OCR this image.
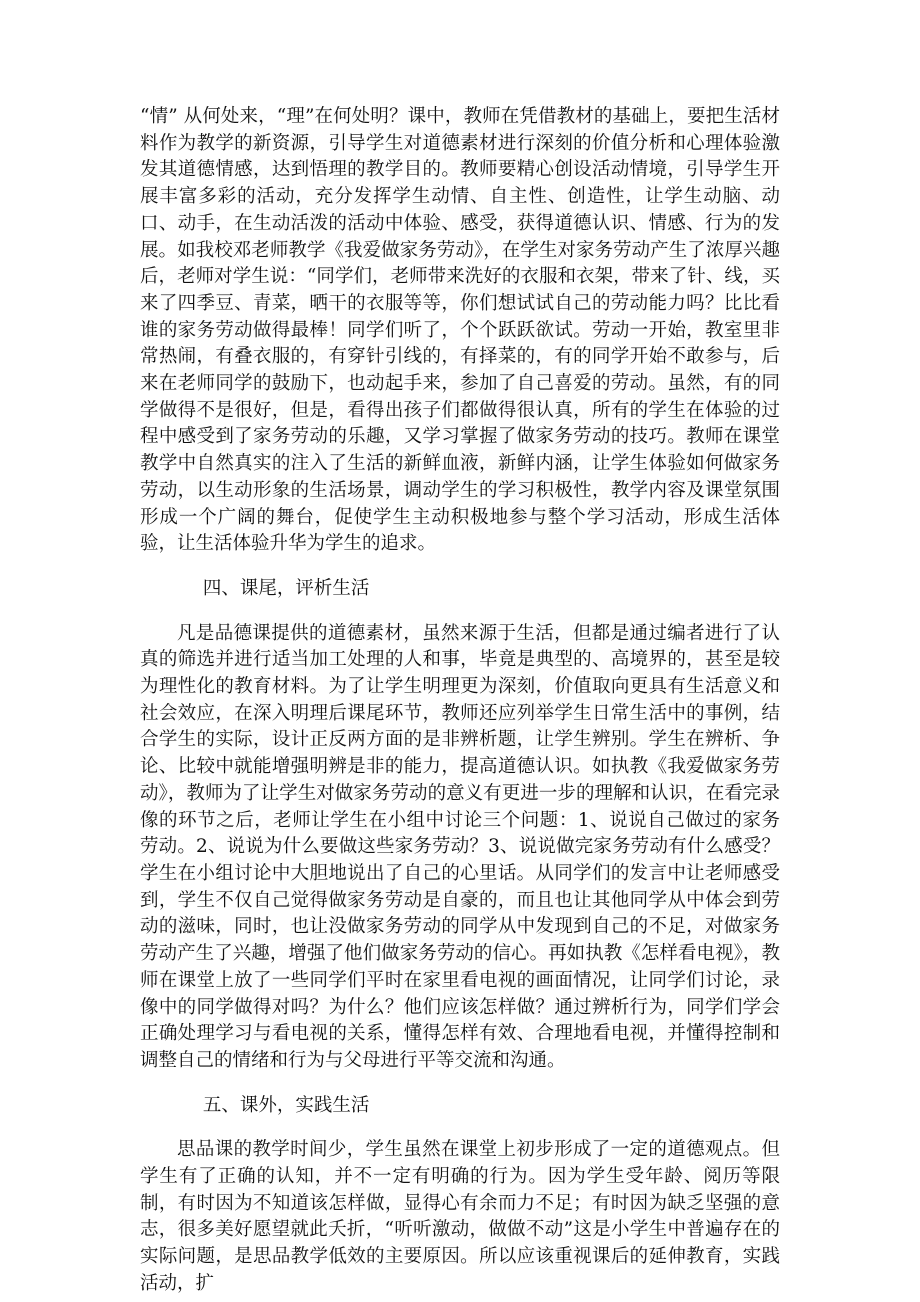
“情” 从何处来，“理”在何处明？课中，教师在凭借教材的基础上，要把生活材料作为教学的新资源，引导学生对道德素材进行深刻的价值分析和心理体验激发其道德情感，达到悟理的教学目的。教师要精心创设活动情境，引导学生开展丰富多彩的活动，充分发挥学生动情、自主性、创造性，让学生动脑、动口、动手，在生动活泼的活动中体验、感受，获得道德认识、情感、行为的发展。如我校邓老师教学《我爱做家务劳动》，在学生对家务劳动产生了浓厚兴趣后，老师对学生说：“同学们，老师带来洗好的衣服和衣架，带来了针、线，买来了四季豆、青菜，晒干的衣服等等，你们想试试自己的劳动能力吗？比比看谁的家务劳动做得最棒！同学们听了，个个跃跃欲试。劳动一开始，教室里非常热闹，有叠衣服的，有穿针引线的，有择菜的，有的同学开始不敢参与，后来在老师同学的鼓励下，也动起手来，参加了自己喜爱的劳动。虽然，有的同学做得不是很好，但是，看得出孩子们都做得很认真，所有的学生在体验的过程中感受到了家务劳动的乐趣，又学习掌握了做家务劳动的技巧。教师在课堂教学中自然真实的注入了生活的新鲜血液，新鲜内涵，让学生体验如何做家务劳动，以生动形象的生活场景，调动学生的学习积极性，教学内容及课堂氛围形成一个广阔的舞台，促使学生主动积极地参与整个学习活动，形成生活体验，让生活体验升华为学生的追求。

四、课尾，评析生活

凡是品德课提供的道德素材，虽然来源于生活，但都是通过编者进行了认真的筛选并进行适当加工处理的人和事，毕竟是典型的、高境界的，甚至是较为理性化的教育材料。为了让学生明理更为深刻，价值取向更具有生活意义和社会效应，在深入明理后课尾环节，教师还应列举学生日常生活中的事例，结合学生的实际，设计正反两方面的是非辨析题，让学生辨别。学生在辨析、争论、比较中就能增强明辨是非的能力，提高道德认识。如执教《我爱做家务劳动》，教师为了让学生对做家务劳动的意义有更进一步的理解和认识，在看完录像的环节之后，老师让学生在小组中讨论三个问题：1、说说自己做过的家务劳动。2、说说为什么要做这些家务劳动？3、说说做完家务劳动有什么感受？学生在小组讨论中大胆地说出了自己的心里话。从同学们的发言中让老师感受到，学生不仅自己觉得做家务劳动是自豪的，而且也让其他同学从中体会到劳动的滋味，同时，也让没做家务劳动的同学从中发现到自己的不足，对做家务劳动产生了兴趣，增强了他们做家务劳动的信心。再如执教《怎样看电视》，教师在课堂上放了一些同学们平时在家里看电视的画面情况，让同学们讨论，录像中的同学做得对吗？为什么？他们应该怎样做？通过辨析行为，同学们学会正确处理学习与看电视的关系，懂得怎样有效、合理地看电视，并懂得控制和调整自己的情绪和行为与父母进行平等交流和沟通。

五、课外，实践生活

思品课的教学时间少，学生虽然在课堂上初步形成了一定的道德观点。但学生有了正确的认知，并不一定有明确的行为。因为学生受年龄、阅历等限制，有时因为不知道该怎样做，显得心有余而力不足；有时因为缺乏坚强的意志，很多美好愿望就此夭折，“听听激动，做做不动”这是小学生中普遍存在的实际问题，是思品教学低效的主要原因。所以应该重视课后的延伸教育，实践活动，扩
